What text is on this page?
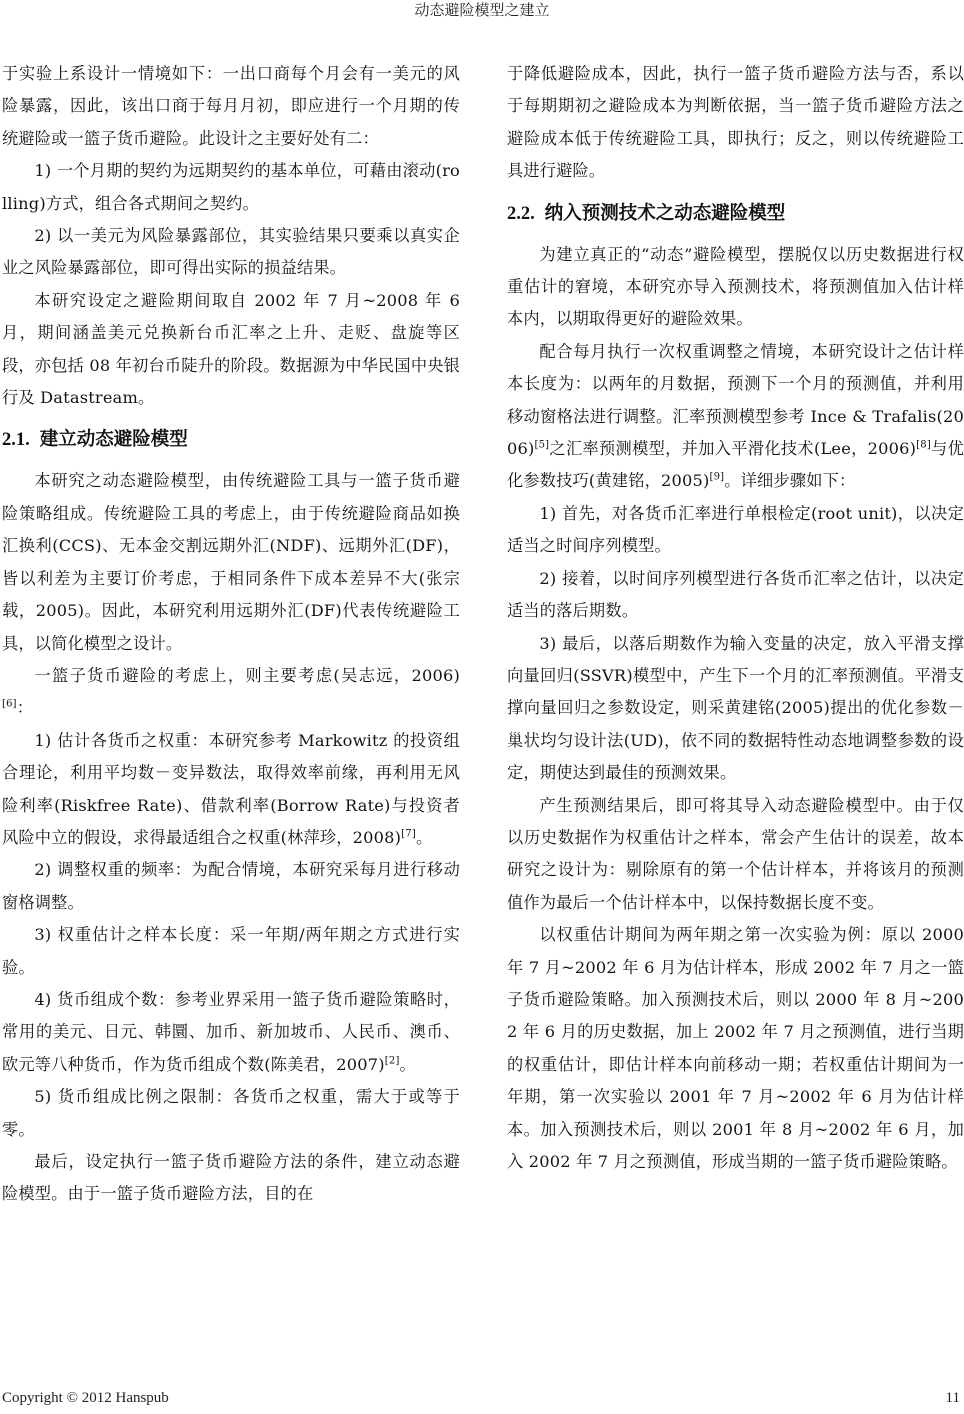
动态避险模型之建立

于实验上系设计一情境如下：一出口商每个月会有一美元的风险暴露，因此，该出口商于每月月初，即应进行一个月期的传统避险或一篮子货币避险。此设计之主要好处有二：

1) 一个月期的契约为远期契约的基本单位，可藉由滚动(rolling)方式，组合各式期间之契约。

2) 以一美元为风险暴露部位，其实验结果只要乘以真实企业之风险暴露部位，即可得出实际的损益结果。

本研究设定之避险期间取自 2002 年 7 月~2008 年 6 月，期间涵盖美元兑换新台币汇率之上升、走贬、盘旋等区段，亦包括 08 年初台币陡升的阶段。数据源为中华民国中央银行及 Datastream。

2.1. 建立动态避险模型

本研究之动态避险模型，由传统避险工具与一篮子货币避险策略组成。传统避险工具的考虑上，由于传统避险商品如换汇换利(CCS)、无本金交割远期外汇(NDF)、远期外汇(DF)，皆以利差为主要订价考虑，于相同条件下成本差异不大(张宗载，2005)。因此，本研究利用远期外汇(DF)代表传统避险工具，以简化模型之设计。

一篮子货币避险的考虑上，则主要考虑(吴志远，2006)[6]：

1) 估计各货币之权重：本研究参考 Markowitz 的投资组合理论，利用平均数－变异数法，取得效率前缘，再利用无风险利率(Riskfree Rate)、借款利率(Borrow Rate)与投资者风险中立的假设，求得最适组合之权重(林萍珍，2008)[7]。

2) 调整权重的频率：为配合情境，本研究采每月进行移动窗格调整。

3) 权重估计之样本长度：采一年期/两年期之方式进行实验。

4) 货币组成个数：参考业界采用一篮子货币避险策略时，常用的美元、日元、韩圜、加币、新加坡币、人民币、澳币、欧元等八种货币，作为货币组成个数(陈美君，2007)[2]。

5) 货币组成比例之限制：各货币之权重，需大于或等于零。

最后，设定执行一篮子货币避险方法的条件，建立动态避险模型。由于一篮子货币避险方法，目的在

于降低避险成本，因此，执行一篮子货币避险方法与否，系以于每期期初之避险成本为判断依据，当一篮子货币避险方法之避险成本低于传统避险工具，即执行；反之，则以传统避险工具进行避险。

2.2. 纳入预测技术之动态避险模型

为建立真正的“动态”避险模型，摆脱仅以历史数据进行权重估计的窘境，本研究亦导入预测技术，将预测值加入估计样本内，以期取得更好的避险效果。

配合每月执行一次权重调整之情境，本研究设计之估计样本长度为：以两年的月数据，预测下一个月的预测值，并利用移动窗格法进行调整。汇率预测模型参考 Ince & Trafalis(2006)[5]之汇率预测模型，并加入平滑化技术(Lee，2006)[8]与优化参数技巧(黄建铭，2005)[9]。详细步骤如下：

1) 首先，对各货币汇率进行单根检定(root unit)，以决定适当之时间序列模型。

2) 接着，以时间序列模型进行各货币汇率之估计，以决定适当的落后期数。

3) 最后，以落后期数作为输入变量的决定，放入平滑支撑向量回归(SSVR)模型中，产生下一个月的汇率预测值。平滑支撑向量回归之参数设定，则采黄建铭(2005)提出的优化参数－巢状均匀设计法(UD)，依不同的数据特性动态地调整参数的设定，期使达到最佳的预测效果。

产生预测结果后，即可将其导入动态避险模型中。由于仅以历史数据作为权重估计之样本，常会产生估计的误差，故本研究之设计为：剔除原有的第一个估计样本，并将该月的预测值作为最后一个估计样本中，以保持数据长度不变。

以权重估计期间为两年期之第一次实验为例：原以 2000 年 7 月~2002 年 6 月为估计样本，形成 2002 年 7 月之一篮子货币避险策略。加入预测技术后，则以 2000 年 8 月~2002 年 6 月的历史数据，加上 2002 年 7 月之预测值，进行当期的权重估计，即估计样本向前移动一期；若权重估计期间为一年期，第一次实验以 2001 年 7 月~2002 年 6 月为估计样本。加入预测技术后，则以 2001 年 8 月~2002 年 6 月，加入 2002 年 7 月之预测值，形成当期的一篮子货币避险策略。

Copyright © 2012 Hanspub	11
